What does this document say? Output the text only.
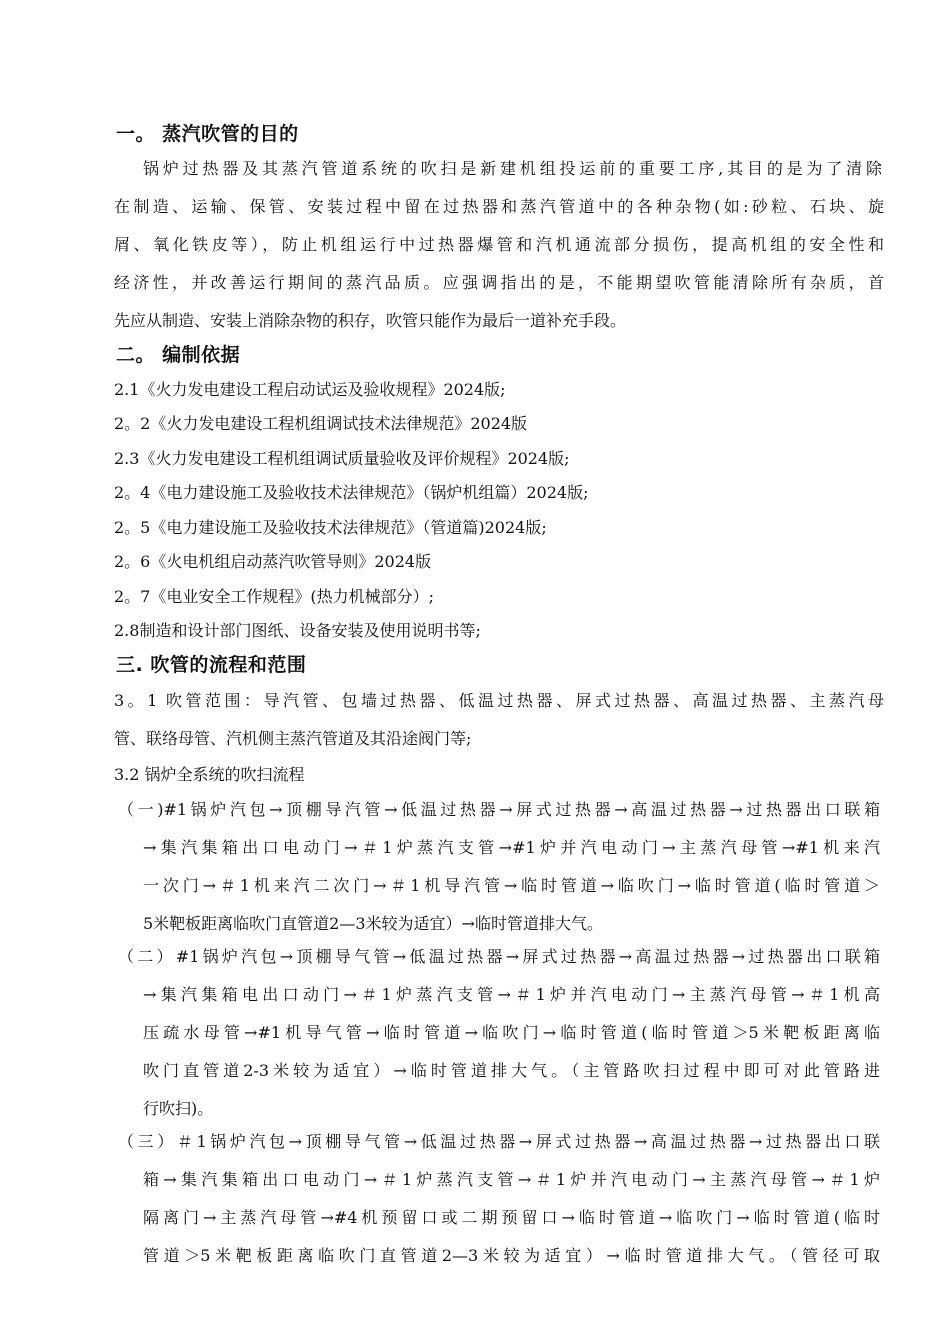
一。 蒸汽吹管的目的
锅炉过热器及其蒸汽管道系统的吹扫是新建机组投运前的重要工序,其目的是为了清除
在制造、运输、保管、安装过程中留在过热器和蒸汽管道中的各种杂物(如:砂粒、石块、旋
屑、氧化铁皮等），防止机组运行中过热器爆管和汽机通流部分损伤，提高机组的安全性和
经济性，并改善运行期间的蒸汽品质。应强调指出的是，不能期望吹管能清除所有杂质，首
先应从制造、安装上消除杂物的积存，吹管只能作为最后一道补充手段。
二。 编制依据
2.1《火力发电建设工程启动试运及验收规程》2024版;
2。2《火力发电建设工程机组调试技术法律规范》2024版
2.3《火力发电建设工程机组调试质量验收及评价规程》2024版;
2。4《电力建设施工及验收技术法律规范》（锅炉机组篇）2024版;
2。5《电力建设施工及验收技术法律规范》（管道篇)2024版;
2。6《火电机组启动蒸汽吹管导则》2024版
2。7《电业安全工作规程》(热力机械部分）;
2.8制造和设计部门图纸、设备安装及使用说明书等;
三. 吹管的流程和范围
3。1 吹管范围：导汽管、包墙过热器、低温过热器、屏式过热器、高温过热器、主蒸汽母
管、联络母管、汽机侧主蒸汽管道及其沿途阀门等;
3.2 锅炉全系统的吹扫流程
（一)#1锅炉汽包→顶棚导汽管→低温过热器→屏式过热器→高温过热器→过热器出口联箱
→集汽集箱出口电动门→＃1炉蒸汽支管→#1炉并汽电动门→主蒸汽母管→#1机来汽
一次门→＃1机来汽二次门→＃1机导汽管→临时管道→临吹门→临时管道(临时管道＞
5米靶板距离临吹门直管道2—3米较为适宜）→临时管道排大气。
（二）#1锅炉汽包→顶棚导气管→低温过热器→屏式过热器→高温过热器→过热器出口联箱
→集汽集箱电出口动门→＃1炉蒸汽支管→＃1炉并汽电动门→主蒸汽母管→＃1机高
压疏水母管→#1机导气管→临时管道→临吹门→临时管道(临时管道＞5米靶板距离临
吹门直管道2-3米较为适宜）→临时管道排大气。（主管路吹扫过程中即可对此管路进
行吹扫)。
（三）＃1锅炉汽包→顶棚导气管→低温过热器→屏式过热器→高温过热器→过热器出口联
箱→集汽集箱出口电动门→＃1炉蒸汽支管→＃1炉并汽电动门→主蒸汽母管→＃1炉
隔离门→主蒸汽母管→#4机预留口或二期预留口→临时管道→临吹门→临时管道(临时
管道＞5米靶板距离临吹门直管道2—3米较为适宜）→临时管道排大气。（管径可取
